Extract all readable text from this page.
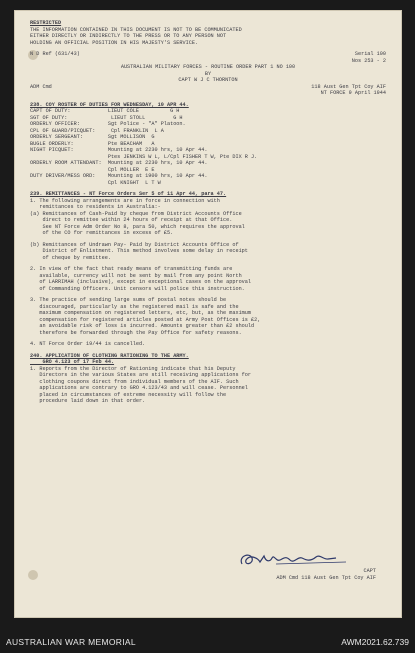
RESTRICTED
THE INFORMATION CONTAINED IN THIS DOCUMENT IS NOT TO BE COMMUNICATED
EITHER DIRECTLY OR INDIRECTLY TO THE PRESS OR TO ANY PERSON NOT
HOLDING AN OFFICIAL POSITION IN HIS MAJESTY'S SERVICE.
N D Ref (631/43)	Serial 100
Nos 253 - 2
AUSTRALIAN MILITARY FORCES - ROUTINE ORDER PART 1 NO 100
BY
CAPT W J C THORNTON
ADM Cmd	118 Aust Gen Tpt Coy AIF
NT FORCE 9 April 1944
238. COY ROSTER OF DUTIES FOR WEDNESDAY, 10 APR 44.
CAPT OF DUTY:            LIEUT COLE          G H
SGT OF DUTY:              LIEUT STOLL         G H
ORDERLY OFFICER:         Sgt Police - "A" Platoon.
CPL OF GUARD/PICQUET:     Cpl FRANKLIN  L A
ORDERLY SERGEANT:        Sgt MOLLISON  G
BUGLE ORDERLY:           Pte BEACHAM   A
NIGHT PICQUET:           Mounting at 2230 hrs, 10 Apr 44.
Ptes JENKINS W L, L/Cpl FISHER T W, Pte DIX R J.
ORDERLY ROOM ATTENDANT:  Mounting at 2230 hrs, 10 Apr 44.
Cpl MOLLER  E E
DUTY DRIVER/MESS ORD:    Mounting at 1900 hrs, 10 Apr 44.
Cpl KNIGHT  L T W
239. REMITTANCES - NT Force Orders Ser 5 of 11 Apr 44, para 47.
1. The following arrangements are in force in connection with
remittances to residents in Australia:-
(a) Remittances of Cash-Paid by cheque from District Accounts Office
direct to remittee within 24 hours of receipt at that Office.
See NT Force Adm Order No 8, para 50, which requires the approval
of the CO for remittances in excess of £5.
(b) Remittances of Undrawn Pay- Paid by District Accounts Office of
District of Enlistment. This method involves some delay in receipt
of cheque by remittee.
2. In view of the fact that ready means of transmitting funds are
available, currency will not be sent by mail from any point North
of LARRIMAH (inclusive), except in exceptional cases on the approval
of Commanding Officers. Unit censors will police this instruction.
3. The practice of sending large sums of postal notes should be
discouraged, particularly as the registered mail is safe and the
maximum compensation on registered letters, etc, but, as the maximum
compensation for registered articles posted at Army Post Offices is £2,
an avoidable risk of loss is incurred. Amounts greater than £2 should
therefore be forwarded through the Pay Office for safety reasons.
4. NT Force Order 19/44 is cancelled.
240. APPLICATION OF CLOTHING RATIONING TO THE ARMY.
GRO 4.123 of 17 Feb 44.
1. Reports from the Director of Rationing indicate that his Deputy
Directors in the various States are still receiving applications for
clothing coupons direct from individual members of the AIF. Such
applications are contrary to GRO 4.123/43 and will cease. Personnel
placed in circumstances of extreme necessity will follow the
procedure laid down in that order.
CAPT
ADM Cmd 118 Aust Gen Tpt Coy AIF
AUSTRALIAN WAR MEMORIAL	AWM2021.62.739
